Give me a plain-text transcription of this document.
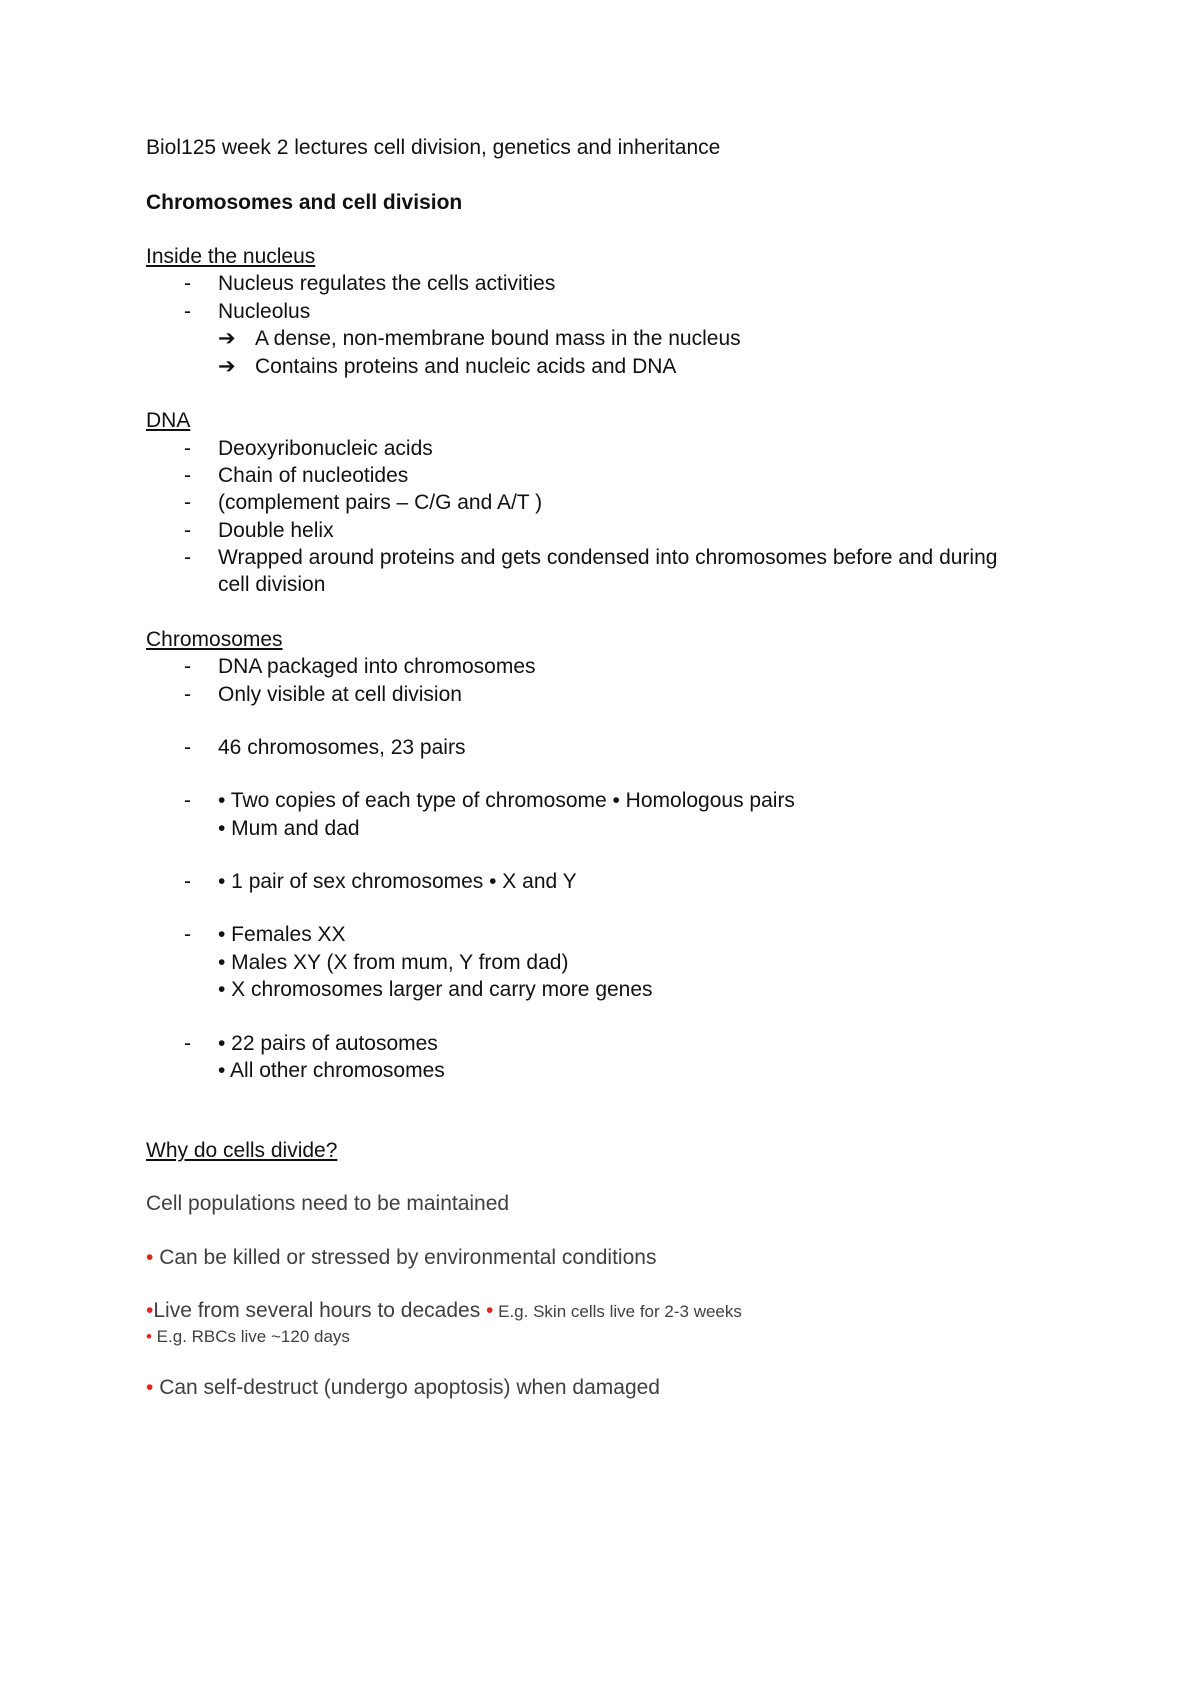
Biol125 week 2 lectures cell division, genetics and inheritance
Chromosomes and cell division
Inside the nucleus
- Nucleus regulates the cells activities
- Nucleolus
➔ A dense, non-membrane bound mass in the nucleus
➔ Contains proteins and nucleic acids and DNA
DNA
- Deoxyribonucleic acids
- Chain of nucleotides
- (complement pairs – C/G and A/T )
- Double helix
- Wrapped around proteins and gets condensed into chromosomes before and during
cell division
Chromosomes
- DNA packaged into chromosomes
- Only visible at cell division
- 46 chromosomes, 23 pairs
- • Two copies of each type of chromosome • Homologous pairs
• Mum and dad
- • 1 pair of sex chromosomes • X and Y
- • Females XX
• Males XY (X from mum, Y from dad)
• X chromosomes larger and carry more genes
- • 22 pairs of autosomes
• All other chromosomes
Why do cells divide?
Cell populations need to be maintained
• Can be killed or stressed by environmental conditions
•Live from several hours to decades • E.g. Skin cells live for 2-3 weeks
• E.g. RBCs live ~120 days
• Can self-destruct (undergo apoptosis) when damaged
